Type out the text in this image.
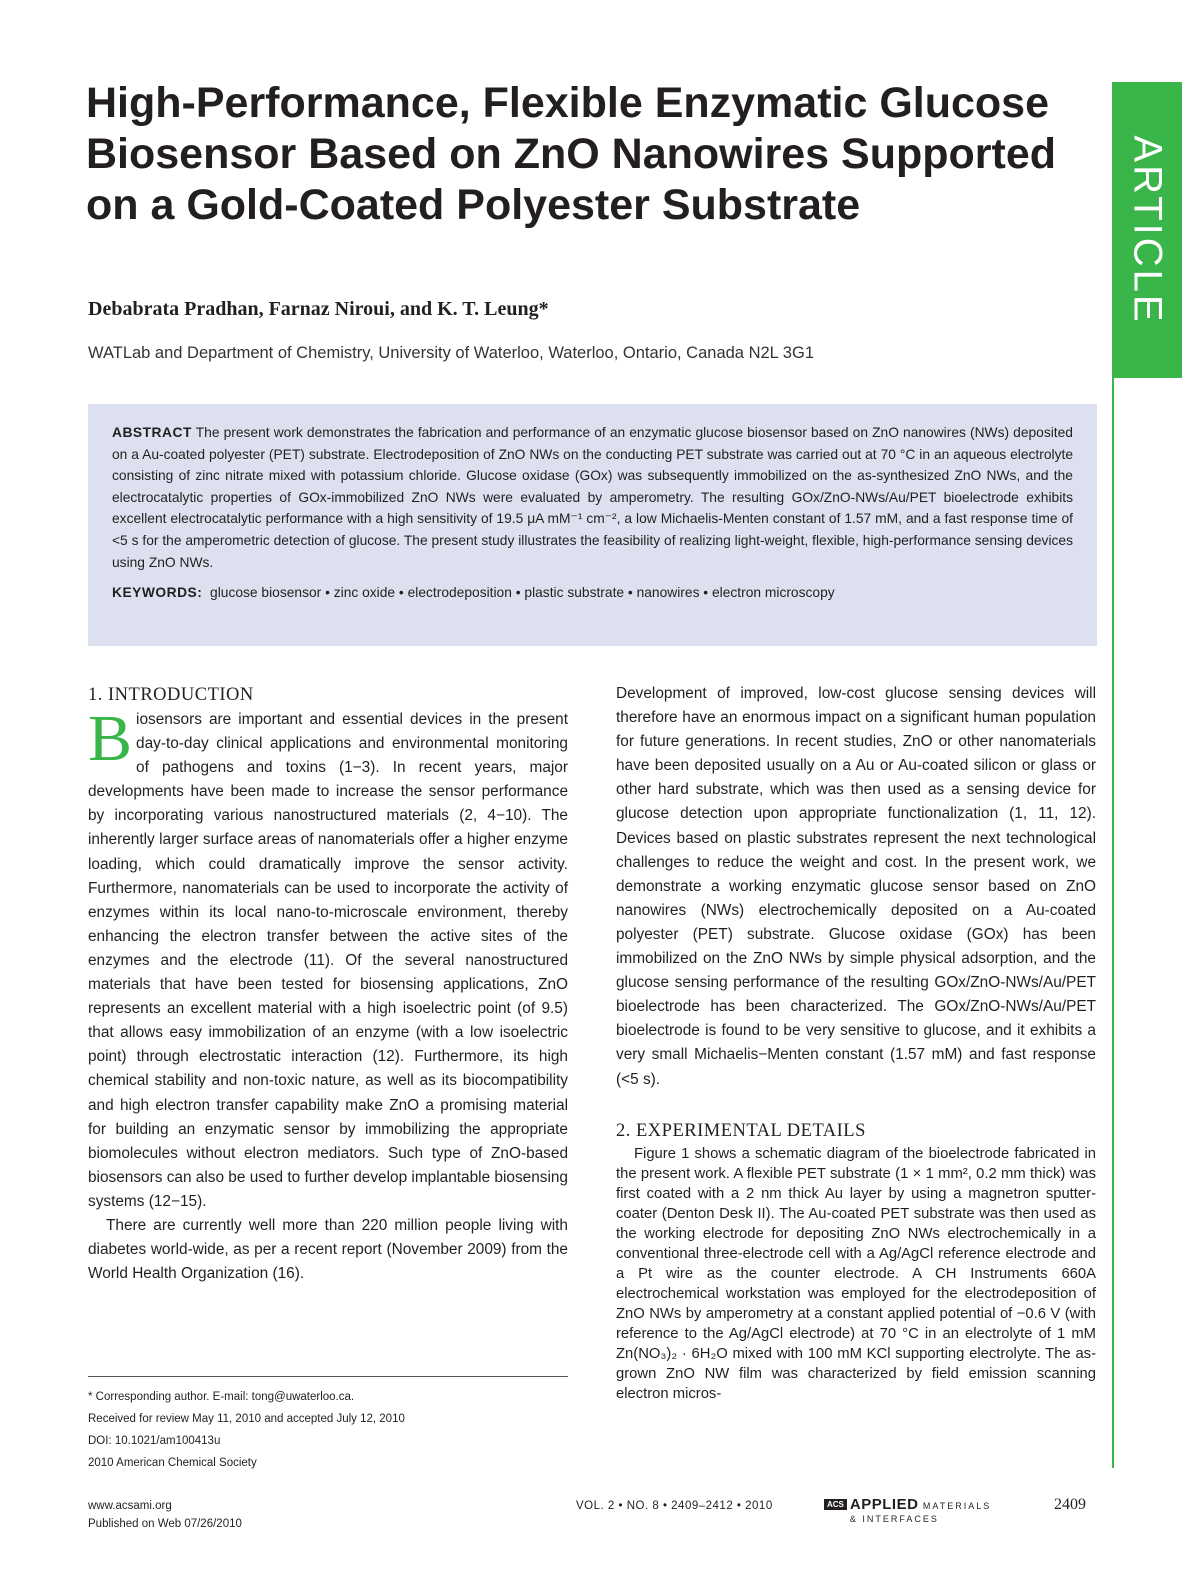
ARTICLE
High-Performance, Flexible Enzymatic Glucose Biosensor Based on ZnO Nanowires Supported on a Gold-Coated Polyester Substrate
Debabrata Pradhan, Farnaz Niroui, and K. T. Leung*
WATLab and Department of Chemistry, University of Waterloo, Waterloo, Ontario, Canada N2L 3G1

ABSTRACT The present work demonstrates the fabrication and performance of an enzymatic glucose biosensor based on ZnO nanowires (NWs) deposited on a Au-coated polyester (PET) substrate. Electrodeposition of ZnO NWs on the conducting PET substrate was carried out at 70 °C in an aqueous electrolyte consisting of zinc nitrate mixed with potassium chloride. Glucose oxidase (GOx) was subsequently immobilized on the as-synthesized ZnO NWs, and the electrocatalytic properties of GOx-immobilized ZnO NWs were evaluated by amperometry. The resulting GOx/ZnO-NWs/Au/PET bioelectrode exhibits excellent electrocatalytic performance with a high sensitivity of 19.5 μA mM⁻¹ cm⁻², a low Michaelis-Menten constant of 1.57 mM, and a fast response time of <5 s for the amperometric detection of glucose. The present study illustrates the feasibility of realizing light-weight, flexible, high-performance sensing devices using ZnO NWs.

KEYWORDS: glucose biosensor • zinc oxide • electrodeposition • plastic substrate • nanowires • electron microscopy
1. INTRODUCTION

Biosensors are important and essential devices in the present day-to-day clinical applications and environmental monitoring of pathogens and toxins (1−3). In recent years, major developments have been made to increase the sensor performance by incorporating various nanostructured materials (2, 4−10). The inherently larger surface areas of nanomaterials offer a higher enzyme loading, which could dramatically improve the sensor activity. Furthermore, nanomaterials can be used to incorporate the activity of enzymes within its local nano-to-microscale environment, thereby enhancing the electron transfer between the active sites of the enzymes and the electrode (11). Of the several nanostructured materials that have been tested for biosensing applications, ZnO represents an excellent material with a high isoelectric point (of 9.5) that allows easy immobilization of an enzyme (with a low isoelectric point) through electrostatic interaction (12). Furthermore, its high chemical stability and non-toxic nature, as well as its biocompatibility and high electron transfer capability make ZnO a promising material for building an enzymatic sensor by immobilizing the appropriate biomolecules without electron mediators. Such type of ZnO-based biosensors can also be used to further develop implantable biosensing systems (12−15).

There are currently well more than 220 million people living with diabetes world-wide, as per a recent report (November 2009) from the World Health Organization (16).

Development of improved, low-cost glucose sensing devices will therefore have an enormous impact on a significant human population for future generations. In recent studies, ZnO or other nanomaterials have been deposited usually on a Au or Au-coated silicon or glass or other hard substrate, which was then used as a sensing device for glucose detection upon appropriate functionalization (1, 11, 12). Devices based on plastic substrates represent the next technological challenges to reduce the weight and cost. In the present work, we demonstrate a working enzymatic glucose sensor based on ZnO nanowires (NWs) electrochemically deposited on a Au-coated polyester (PET) substrate. Glucose oxidase (GOx) has been immobilized on the ZnO NWs by simple physical adsorption, and the glucose sensing performance of the resulting GOx/ZnO-NWs/Au/PET bioelectrode has been characterized. The GOx/ZnO-NWs/Au/PET bioelectrode is found to be very sensitive to glucose, and it exhibits a very small Michaelis−Menten constant (1.57 mM) and fast response (<5 s).

2. EXPERIMENTAL DETAILS

Figure 1 shows a schematic diagram of the bioelectrode fabricated in the present work. A flexible PET substrate (1 × 1 mm², 0.2 mm thick) was first coated with a 2 nm thick Au layer by using a magnetron sputter-coater (Denton Desk II). The Au-coated PET substrate was then used as the working electrode for depositing ZnO NWs electrochemically in a conventional three-electrode cell with a Ag/AgCl reference electrode and a Pt wire as the counter electrode. A CH Instruments 660A electrochemical workstation was employed for the electrodeposition of ZnO NWs by amperometry at a constant applied potential of −0.6 V (with reference to the Ag/AgCl electrode) at 70 °C in an electrolyte of 1 mM Zn(NO₃)₂ · 6H₂O mixed with 100 mM KCl supporting electrolyte. The as-grown ZnO NW film was characterized by field emission scanning electron micros-

* Corresponding author. E-mail: tong@uwaterloo.ca.
Received for review May 11, 2010 and accepted July 12, 2010
DOI: 10.1021/am100413u
2010 American Chemical Society
www.acsami.org
Published on Web 07/26/2010
VOL. 2 • NO. 8 • 2409–2412 • 2010	ACS APPLIED MATERIALS
& INTERFACES
2409
